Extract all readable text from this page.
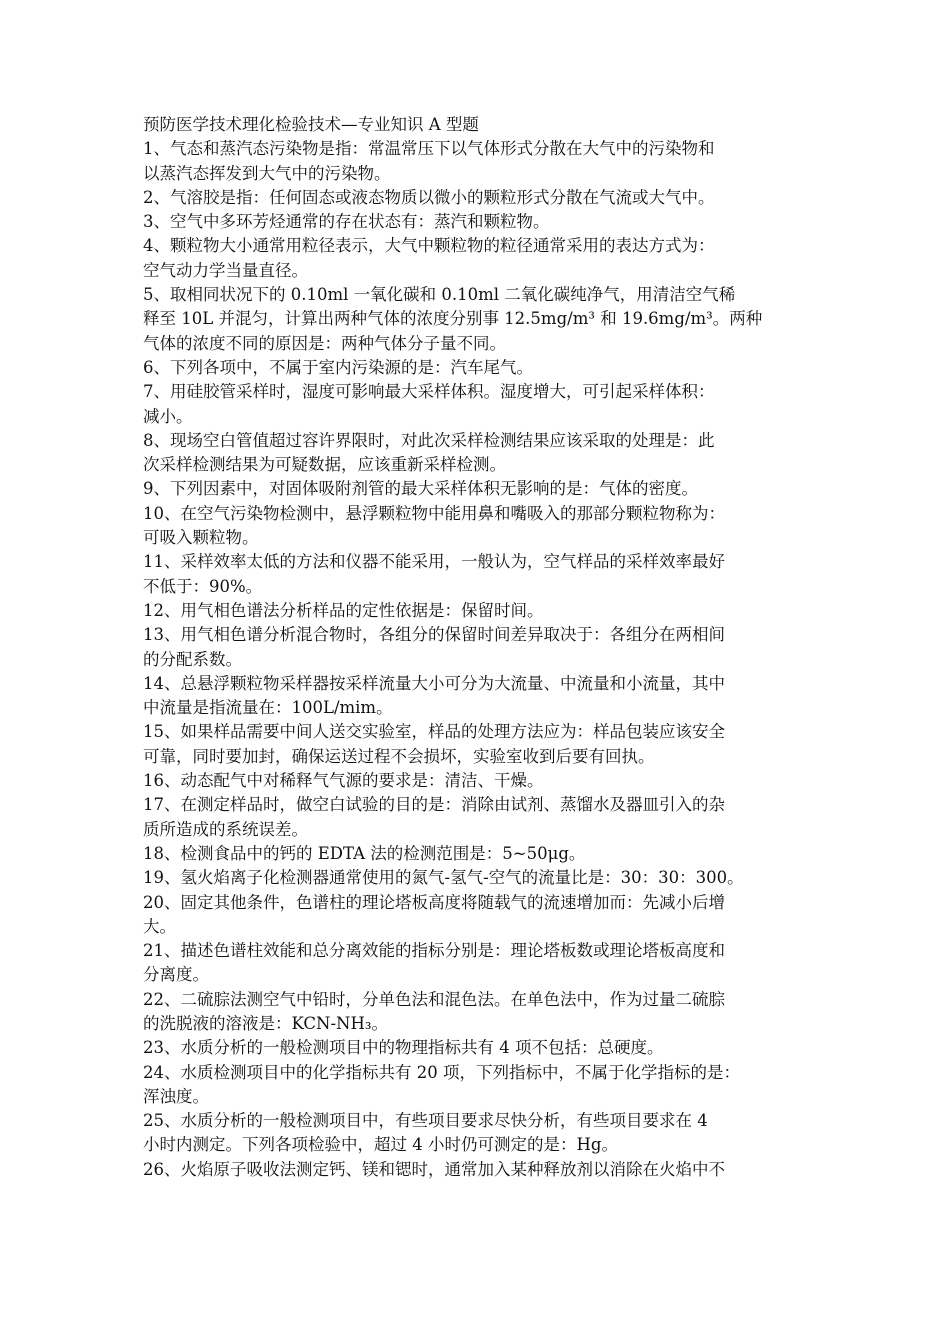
预防医学技术理化检验技术—专业知识 A 型题

1、气态和蒸汽态污染物是指：常温常压下以气体形式分散在大气中的污染物和
以蒸汽态挥发到大气中的污染物。

2、气溶胶是指：任何固态或液态物质以微小的颗粒形式分散在气流或大气中。

3、空气中多环芳烃通常的存在状态有：蒸汽和颗粒物。

4、颗粒物大小通常用粒径表示，大气中颗粒物的粒径通常采用的表达方式为：
空气动力学当量直径。

5、取相同状况下的 0.10ml 一氧化碳和 0.10ml 二氧化碳纯净气，用清洁空气稀
释至 10L 并混匀，计算出两种气体的浓度分别事 12.5mg/m³ 和 19.6mg/m³。两种
气体的浓度不同的原因是：两种气体分子量不同。

6、下列各项中，不属于室内污染源的是：汽车尾气。

7、用硅胶管采样时，湿度可影响最大采样体积。湿度增大，可引起采样体积：
减小。

8、现场空白管值超过容许界限时，对此次采样检测结果应该采取的处理是：此
次采样检测结果为可疑数据，应该重新采样检测。

9、下列因素中，对固体吸附剂管的最大采样体积无影响的是：气体的密度。

10、在空气污染物检测中，悬浮颗粒物中能用鼻和嘴吸入的那部分颗粒物称为：
可吸入颗粒物。

11、采样效率太低的方法和仪器不能采用，一般认为，空气样品的采样效率最好
不低于：90%。

12、用气相色谱法分析样品的定性依据是：保留时间。

13、用气相色谱分析混合物时，各组分的保留时间差异取决于：各组分在两相间
的分配系数。

14、总悬浮颗粒物采样器按采样流量大小可分为大流量、中流量和小流量，其中
中流量是指流量在：100L/mim。

15、如果样品需要中间人送交实验室，样品的处理方法应为：样品包装应该安全
可靠，同时要加封，确保运送过程不会损坏，实验室收到后要有回执。

16、动态配气中对稀释气气源的要求是：清洁、干燥。

17、在测定样品时，做空白试验的目的是：消除由试剂、蒸馏水及器皿引入的杂
质所造成的系统误差。

18、检测食品中的钙的 EDTA 法的检测范围是：5~50μg。

19、氢火焰离子化检测器通常使用的氮气-氢气-空气的流量比是：30：30：300。

20、固定其他条件，色谱柱的理论塔板高度将随载气的流速增加而：先减小后增
大。

21、描述色谱柱效能和总分离效能的指标分别是：理论塔板数或理论塔板高度和
分离度。

22、二硫腙法测空气中铅时，分单色法和混色法。在单色法中，作为过量二硫腙
的洗脱液的溶液是：KCN-NH₃。

23、水质分析的一般检测项目中的物理指标共有 4 项不包括：总硬度。

24、水质检测项目中的化学指标共有 20 项，下列指标中，不属于化学指标的是：
浑浊度。

25、水质分析的一般检测项目中，有些项目要求尽快分析，有些项目要求在 4
小时内测定。下列各项检验中，超过 4 小时仍可测定的是：Hg。

26、火焰原子吸收法测定钙、镁和锶时，通常加入某种释放剂以消除在火焰中不
